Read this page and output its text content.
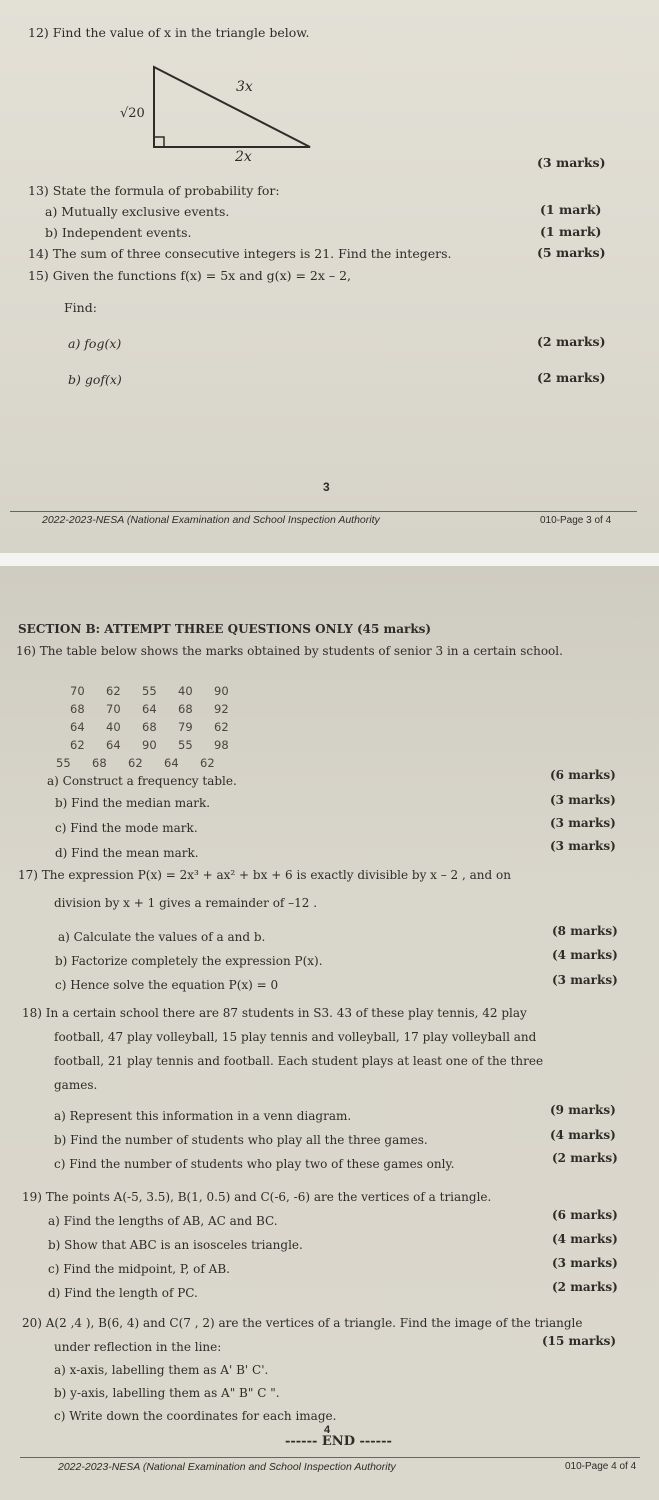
12) Find the value of x in the triangle below.
3x
√20
2x	(3 marks)
13) State the formula of probability for:
a) Mutually exclusive events.	(1 mark)
b) Independent events.	(1 mark)
14) The sum of three consecutive integers is 21. Find the integers.	(5 marks)
15) Given the functions f(x) = 5x and g(x) = 2x – 2,
Find:
a) fog(x)	(2 marks)
b) gof(x)	(2 marks)
3
2022-2023-NESA (National Examination and School Inspection Authority	010-Page 3 of 4
SECTION B: ATTEMPT THREE QUESTIONS ONLY (45 marks)
16) The table below shows the marks obtained by students of senior 3 in a certain school.
70 62 55 40 90
68 70 64 68 92
64 40 68 79 62
62 64 90 55 98
55 68 62 64 62
a) Construct a frequency table.	(6 marks)
b) Find the median mark.	(3 marks)
c) Find the mode mark.	(3 marks)
d) Find the mean mark.	(3 marks)
17) The expression P(x) = 2x³ + ax² + bx + 6 is exactly divisible by x – 2 , and on
division by x + 1 gives a remainder of –12 .
a) Calculate the values of a and b.	(8 marks)
b) Factorize completely the expression P(x).	(4 marks)
c) Hence solve the equation P(x) = 0	(3 marks)
18) In a certain school there are 87 students in S3. 43 of these play tennis, 42 play
football, 47 play volleyball, 15 play tennis and volleyball, 17 play volleyball and
football, 21 play tennis and football. Each student plays at least one of the three
games.
a) Represent this information in a venn diagram.	(9 marks)
b) Find the number of students who play all the three games.	(4 marks)
c) Find the number of students who play two of these games only.	(2 marks)
19) The points A(-5, 3.5), B(1, 0.5) and C(-6, -6) are the vertices of a triangle.
a) Find the lengths of AB, AC and BC.	(6 marks)
b) Show that ABC is an isosceles triangle.	(4 marks)
c) Find the midpoint, P, of AB.	(3 marks)
d) Find the length of PC.	(2 marks)
20) A(2 ,4 ), B(6, 4) and C(7 , 2) are the vertices of a triangle. Find the image of the triangle
under reflection in the line:	(15 marks)
a) x-axis, labelling them as A' B' C'.
b) y-axis, labelling them as A" B" C ".
c) Write down the coordinates for each image.
4
------ END ------
2022-2023-NESA (National Examination and School Inspection Authority	010-Page 4 of 4
